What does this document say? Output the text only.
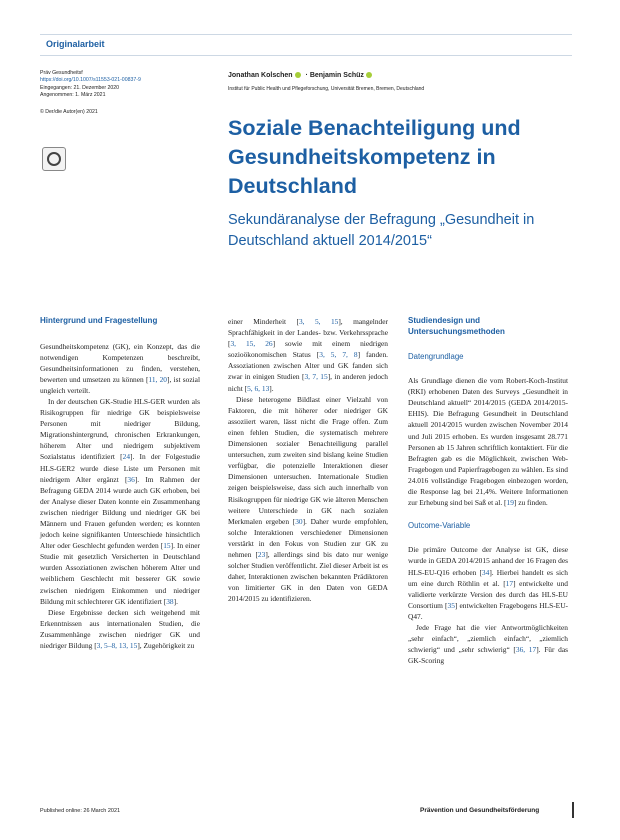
Originalarbeit
Präv Gesundheitsf
https://doi.org/10.1007/s11553-021-00837-9
Eingegangen: 21. Dezember 2020
Angenommen: 1. März 2021
© Der/die Autor(en) 2021
Jonathan Kolschen · Benjamin Schüz
Institut für Public Health und Pflegeforschung, Universität Bremen, Bremen, Deutschland
Soziale Benachteiligung und Gesundheitskompetenz in Deutschland
Sekundäranalyse der Befragung „Gesundheit in Deutschland aktuell 2014/2015“
Hintergrund und Fragestellung

Gesundheitskompetenz (GK), ein Konzept, das die notwendigen Kompetenzen beschreibt, Gesundheitsinformationen zu finden, verstehen, bewerten und umsetzen zu können [11, 20], ist sozial ungleich verteilt.

In der deutschen GK-Studie HLS-GER wurden als Risikogruppen für niedrige GK beispielsweise Personen mit niedriger Bildung, Migrationshintergrund, chronischen Erkrankungen, höherem Alter und niedrigem subjektivem Sozialstatus identifiziert [24]. In der Folgestudie HLS-GER2 wurde diese Liste um Personen mit niedrigem Alter ergänzt [36]. Im Rahmen der Befragung GEDA 2014 wurde auch GK erhoben, bei der Analyse dieser Daten konnte ein Zusammenhang zwischen niedriger Bildung und niedriger GK bei Männern und Frauen gefunden werden; es konnten jedoch keine signifikanten Unterschiede hinsichtlich Alter oder Geschlecht gefunden werden [15]. In einer Studie mit gesetzlich Versicherten in Deutschland wurden Assoziationen zwischen höherem Alter und weiblichem Geschlecht mit besserer GK sowie zwischen niedrigem Einkommen und niedriger Bildung mit schlechterer GK identifiziert [38].

Diese Ergebnisse decken sich weitgehend mit Erkenntnissen aus internationalen Studien, die Zusammenhänge zwischen niedriger GK und niedriger Bildung [3, 5–8, 13, 15], Zugehörigkeit zu

einer Minderheit [3, 5, 15], mangelnder Sprachfähigkeit in der Landes- bzw. Verkehrssprache [3, 15, 26] sowie mit einem niedrigen sozioökonomischen Status [3, 5, 7, 8] fanden. Assoziationen zwischen Alter und GK fanden sich zwar in einigen Studien [3, 7, 15], in anderen jedoch nicht [5, 6, 13].

Diese heterogene Bildlast einer Vielzahl von Faktoren, die mit höherer oder niedriger GK assoziiert waren, lässt nicht die Frage offen. Zum einen fehlen Studien, die systematisch mehrere Dimensionen sozialer Benachteiligung parallel untersuchen, zum zweiten sind bislang keine Studien verfügbar, die potenzielle Interaktionen dieser Dimensionen untersuchen. Internationale Studien zeigen beispielsweise, dass sich auch innerhalb von Risikogruppen für niedrige GK wie älteren Menschen weitere Unterschiede in GK nach sozialen Merkmalen ergeben [30]. Daher wurde empfohlen, solche Interaktionen verschiedener Dimensionen verstärkt in den Fokus von Studien zur GK zu nehmen [23], allerdings sind bis dato nur wenige solcher Studien veröffentlicht. Ziel dieser Arbeit ist es daher, Interaktionen zwischen bekannten Prädiktoren von limitierter GK in den Daten von GEDA 2014/2015 zu identifizieren.

Studiendesign und Untersuchungsmethoden
Datengrundlage

Als Grundlage dienen die vom Robert-Koch-Institut (RKI) erhobenen Daten des Surveys „Gesundheit in Deutschland aktuell“ 2014/2015 (GEDA 2014/2015-EHIS). Die Befragung Gesundheit in Deutschland aktuell 2014/2015 wurden zwischen November 2014 und Juli 2015 erhoben. Es wurden insgesamt 28.771 Personen ab 15 Jahren schriftlich kontaktiert. Für die Befragten gab es die Möglichkeit, zwischen Web-Fragebogen und Papierfragebogen zu wählen. Es sind 24.016 vollständige Fragebogen einbezogen worden, die Response lag bei 21,4%. Weitere Informationen zur Erhebung sind bei Saß et al. [19] zu finden.

Outcome-Variable

Die primäre Outcome der Analyse ist GK, diese wurde in GEDA 2014/2015 anhand der 16 Fragen des HLS-EU-Q16 erhoben [34]. Hierbei handelt es sich um eine durch Röthlin et al. [17] entwickelte und validierte verkürzte Version des durch das HLS-EU Consortium [35] entwickelten Fragebogens HLS-EU-Q47.

Jede Frage hat die vier Antwortmöglichkeiten „sehr einfach“, „ziemlich einfach“, „ziemlich schwierig“ und „sehr schwierig“ [36, 17]. Für das GK-Scoring

Published online: 26 March 2021	Prävention und Gesundheitsförderung
